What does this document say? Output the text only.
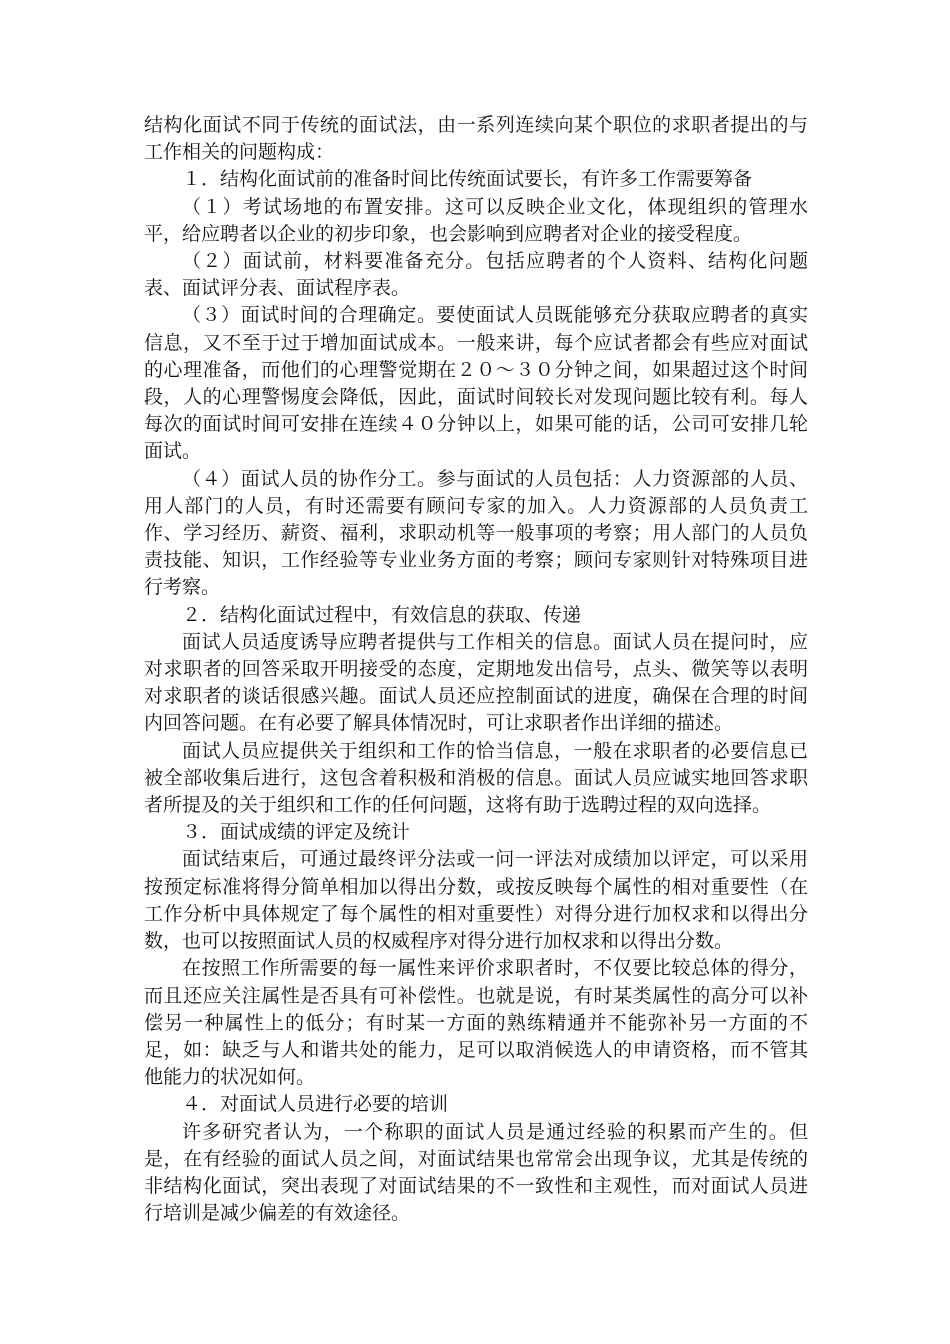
结构化面试不同于传统的面试法，由一系列连续向某个职位的求职者提出的与工作相关的问题构成：

１．结构化面试前的准备时间比传统面试要长，有许多工作需要筹备

（１）考试场地的布置安排。这可以反映企业文化，体现组织的管理水平，给应聘者以企业的初步印象，也会影响到应聘者对企业的接受程度。

（２）面试前，材料要准备充分。包括应聘者的个人资料、结构化问题表、面试评分表、面试程序表。

（３）面试时间的合理确定。要使面试人员既能够充分获取应聘者的真实信息，又不至于过于增加面试成本。一般来讲，每个应试者都会有些应对面试的心理准备，而他们的心理警觉期在２０～３０分钟之间，如果超过这个时间段，人的心理警惕度会降低，因此，面试时间较长对发现问题比较有利。每人每次的面试时间可安排在连续４０分钟以上，如果可能的话，公司可安排几轮面试。

（４）面试人员的协作分工。参与面试的人员包括：人力资源部的人员、用人部门的人员，有时还需要有顾问专家的加入。人力资源部的人员负责工作、学习经历、薪资、福利，求职动机等一般事项的考察；用人部门的人员负责技能、知识，工作经验等专业业务方面的考察；顾问专家则针对特殊项目进行考察。

２．结构化面试过程中，有效信息的获取、传递

面试人员适度诱导应聘者提供与工作相关的信息。面试人员在提问时，应对求职者的回答采取开明接受的态度，定期地发出信号，点头、微笑等以表明对求职者的谈话很感兴趣。面试人员还应控制面试的进度，确保在合理的时间内回答问题。在有必要了解具体情况时，可让求职者作出详细的描述。

面试人员应提供关于组织和工作的恰当信息，一般在求职者的必要信息已被全部收集后进行，这包含着积极和消极的信息。面试人员应诚实地回答求职者所提及的关于组织和工作的任何问题，这将有助于选聘过程的双向选择。

３．面试成绩的评定及统计

面试结束后，可通过最终评分法或一问一评法对成绩加以评定，可以采用按预定标准将得分简单相加以得出分数，或按反映每个属性的相对重要性（在工作分析中具体规定了每个属性的相对重要性）对得分进行加权求和以得出分数，也可以按照面试人员的权威程序对得分进行加权求和以得出分数。

在按照工作所需要的每一属性来评价求职者时，不仅要比较总体的得分，而且还应关注属性是否具有可补偿性。也就是说，有时某类属性的高分可以补偿另一种属性上的低分；有时某一方面的熟练精通并不能弥补另一方面的不足，如：缺乏与人和谐共处的能力，足可以取消候选人的申请资格，而不管其他能力的状况如何。

４．对面试人员进行必要的培训

许多研究者认为，一个称职的面试人员是通过经验的积累而产生的。但是，在有经验的面试人员之间，对面试结果也常常会出现争议，尤其是传统的非结构化面试，突出表现了对面试结果的不一致性和主观性，而对面试人员进行培训是减少偏差的有效途径。
